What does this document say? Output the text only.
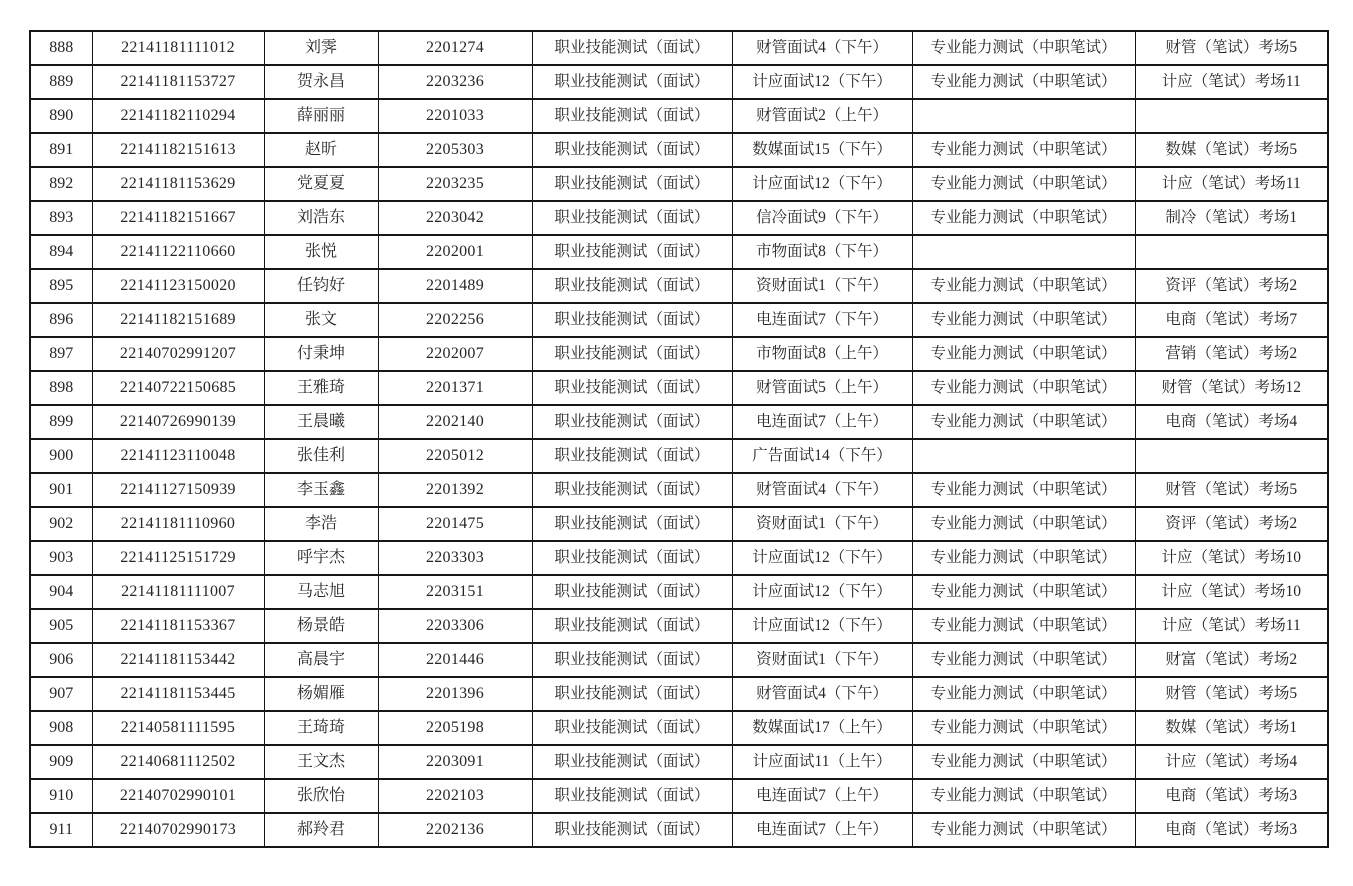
888	22141181111012	刘霁	2201274	职业技能测试（面试）	财管面试4（下午）	专业能力测试（中职笔试）	财管（笔试）考场5
889	22141181153727	贺永昌	2203236	职业技能测试（面试）	计应面试12（下午）	专业能力测试（中职笔试）	计应（笔试）考场11
890	22141182110294	薛丽丽	2201033	职业技能测试（面试）	财管面试2（上午）		
891	22141182151613	赵昕	2205303	职业技能测试（面试）	数媒面试15（下午）	专业能力测试（中职笔试）	数媒（笔试）考场5
892	22141181153629	党夏夏	2203235	职业技能测试（面试）	计应面试12（下午）	专业能力测试（中职笔试）	计应（笔试）考场11
893	22141182151667	刘浩东	2203042	职业技能测试（面试）	信冷面试9（下午）	专业能力测试（中职笔试）	制冷（笔试）考场1
894	22141122110660	张悦	2202001	职业技能测试（面试）	市物面试8（下午）		
895	22141123150020	任钧好	2201489	职业技能测试（面试）	资财面试1（下午）	专业能力测试（中职笔试）	资评（笔试）考场2
896	22141182151689	张文	2202256	职业技能测试（面试）	电连面试7（下午）	专业能力测试（中职笔试）	电商（笔试）考场7
897	22140702991207	付秉坤	2202007	职业技能测试（面试）	市物面试8（上午）	专业能力测试（中职笔试）	营销（笔试）考场2
898	22140722150685	王雅琦	2201371	职业技能测试（面试）	财管面试5（上午）	专业能力测试（中职笔试）	财管（笔试）考场12
899	22140726990139	王晨曦	2202140	职业技能测试（面试）	电连面试7（上午）	专业能力测试（中职笔试）	电商（笔试）考场4
900	22141123110048	张佳利	2205012	职业技能测试（面试）	广告面试14（下午）		
901	22141127150939	李玉鑫	2201392	职业技能测试（面试）	财管面试4（下午）	专业能力测试（中职笔试）	财管（笔试）考场5
902	22141181110960	李浩	2201475	职业技能测试（面试）	资财面试1（下午）	专业能力测试（中职笔试）	资评（笔试）考场2
903	22141125151729	呼宇杰	2203303	职业技能测试（面试）	计应面试12（下午）	专业能力测试（中职笔试）	计应（笔试）考场10
904	22141181111007	马志旭	2203151	职业技能测试（面试）	计应面试12（下午）	专业能力测试（中职笔试）	计应（笔试）考场10
905	22141181153367	杨景皓	2203306	职业技能测试（面试）	计应面试12（下午）	专业能力测试（中职笔试）	计应（笔试）考场11
906	22141181153442	高晨宇	2201446	职业技能测试（面试）	资财面试1（下午）	专业能力测试（中职笔试）	财富（笔试）考场2
907	22141181153445	杨媚雁	2201396	职业技能测试（面试）	财管面试4（下午）	专业能力测试（中职笔试）	财管（笔试）考场5
908	22140581111595	王琦琦	2205198	职业技能测试（面试）	数媒面试17（上午）	专业能力测试（中职笔试）	数媒（笔试）考场1
909	22140681112502	王文杰	2203091	职业技能测试（面试）	计应面试11（上午）	专业能力测试（中职笔试）	计应（笔试）考场4
910	22140702990101	张欣怡	2202103	职业技能测试（面试）	电连面试7（上午）	专业能力测试（中职笔试）	电商（笔试）考场3
911	22140702990173	郝羚君	2202136	职业技能测试（面试）	电连面试7（上午）	专业能力测试（中职笔试）	电商（笔试）考场3
